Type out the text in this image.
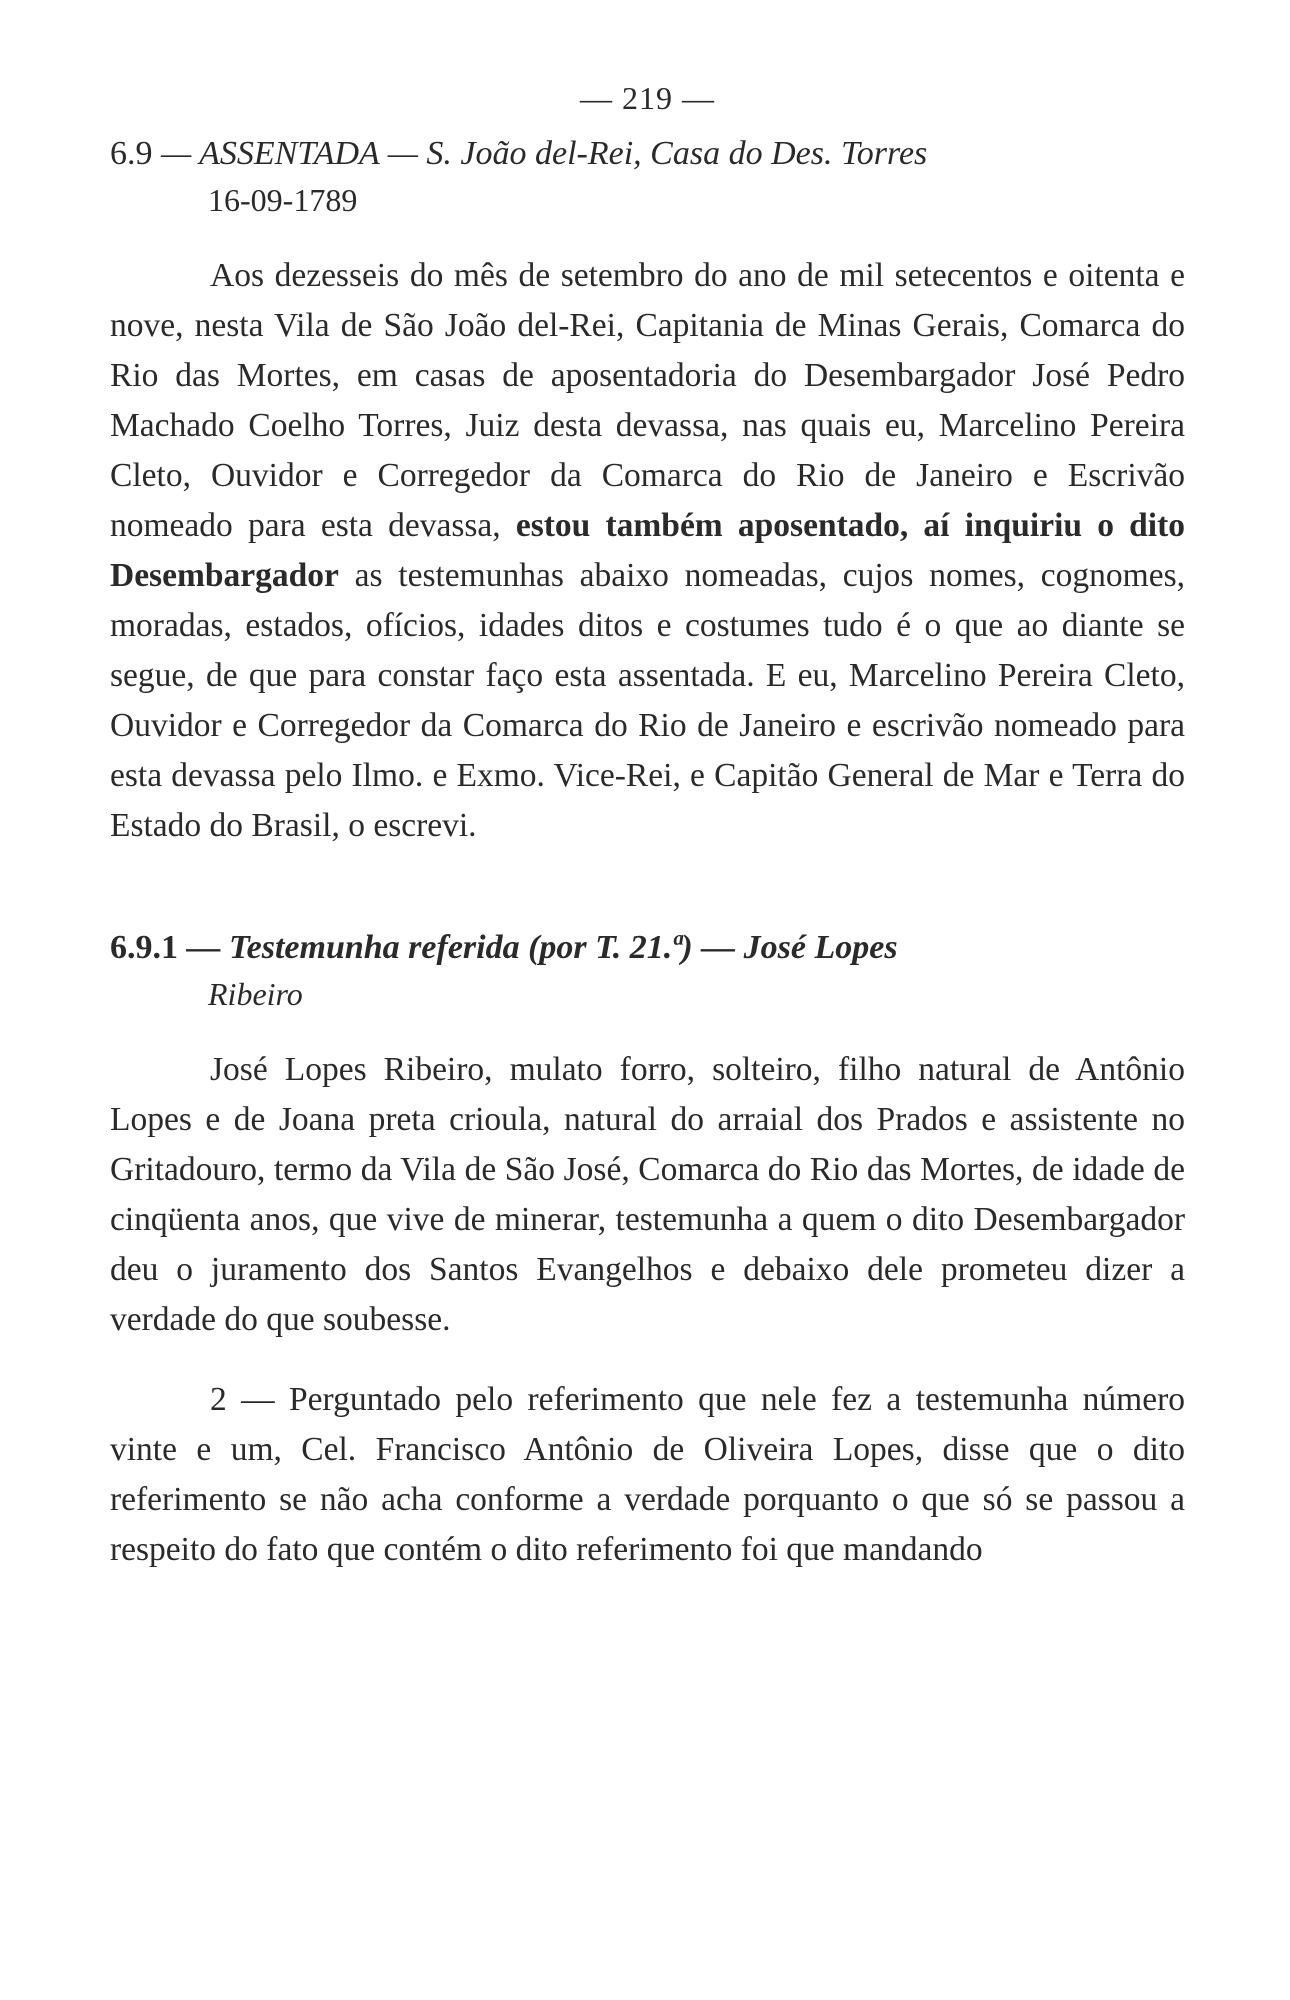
— 219 —

6.9 — ASSENTADA — S. João del-Rei, Casa do Des. Torres

16-09-1789

Aos dezesseis do mês de setembro do ano de mil setecentos e oitenta e nove, nesta Vila de São João del-Rei, Capitania de Minas Gerais, Comarca do Rio das Mortes, em casas de aposentadoria do Desembargador José Pedro Machado Coelho Torres, Juiz desta devassa, nas quais eu, Marcelino Pereira Cleto, Ouvidor e Corregedor da Comarca do Rio de Janeiro e Escrivão nomeado para esta devassa, estou também aposentado, aí inquiriu o dito Desembargador as testemunhas abaixo nomeadas, cujos nomes, cognomes, moradas, estados, ofícios, idades ditos e costumes tudo é o que ao diante se segue, de que para constar faço esta assentada. E eu, Marcelino Pereira Cleto, Ouvidor e Corregedor da Comarca do Rio de Janeiro e escrivão nomeado para esta devassa pelo Ilmo. e Exmo. Vice-Rei, e Capitão General de Mar e Terra do Estado do Brasil, o escrevi.

6.9.1 — Testemunha referida (por T. 21.ª) — José Lopes

Ribeiro

José Lopes Ribeiro, mulato forro, solteiro, filho natural de Antônio Lopes e de Joana preta crioula, natural do arraial dos Prados e assistente no Gritadouro, termo da Vila de São José, Comarca do Rio das Mortes, de idade de cinqüenta anos, que vive de minerar, testemunha a quem o dito Desembargador deu o juramento dos Santos Evangelhos e debaixo dele prometeu dizer a verdade do que soubesse.

2 — Perguntado pelo referimento que nele fez a testemunha número vinte e um, Cel. Francisco Antônio de Oliveira Lopes, disse que o dito referimento se não acha conforme a verdade porquanto o que só se passou a respeito do fato que contém o dito referimento foi que mandando
